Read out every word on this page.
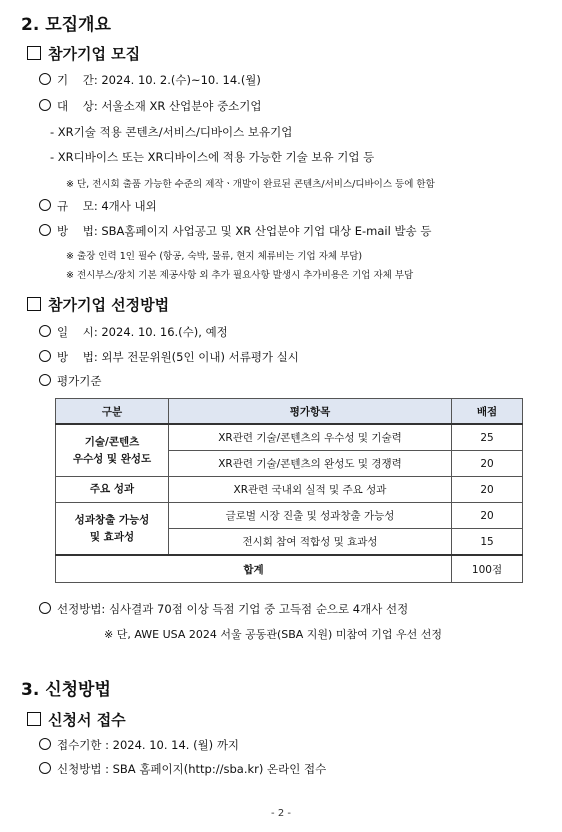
2. 모집개요
참가기업 모집
기    간: 2024. 10. 2.(수)~10. 14.(월)
대    상: 서울소재 XR 산업분야 중소기업
- XR기술 적용 콘텐츠/서비스/디바이스 보유기업
- XR디바이스 또는 XR디바이스에 적용 가능한 기술 보유 기업 등
※ 단, 전시회 출품 가능한 수준의 제작ㆍ개발이 완료된 콘텐츠/서비스/디바이스 등에 한함
규    모: 4개사 내외
방    법: SBA홈페이지 사업공고 및 XR 산업분야 기업 대상 E-mail 발송 등
※ 출장 인력 1인 필수 (항공, 숙박, 물류, 현지 체류비는 기업 자체 부담)
※ 전시부스/장치 기본 제공사항 외 추가 필요사항 발생시 추가비용은 기업 자체 부담
참가기업 선정방법
일    시: 2024. 10. 16.(수), 예정
방    법: 외부 전문위원(5인 이내) 서류평가 실시
평가기준
구분	평가항목	배점
기술/콘텐츠
우수성 및 완성도	XR관련 기술/콘텐츠의 우수성 및 기술력	25
	XR관련 기술/콘텐츠의 완성도 및 경쟁력	20
주요 성과	XR관련 국내외 실적 및 주요 성과	20
성과창출 가능성
및 효과성	글로벌 시장 진출 및 성과창출 가능성	20
	전시회 참여 적합성 및 효과성	15
합계		100점
선정방법: 심사결과 70점 이상 득점 기업 중 고득점 순으로 4개사 선정
※ 단, AWE USA 2024 서울 공동관(SBA 지원) 미참여 기업 우선 선정
3. 신청방법
신청서 접수
접수기한 : 2024. 10. 14. (월) 까지
신청방법 : SBA 홈페이지(http://sba.kr) 온라인 접수
- 2 -
